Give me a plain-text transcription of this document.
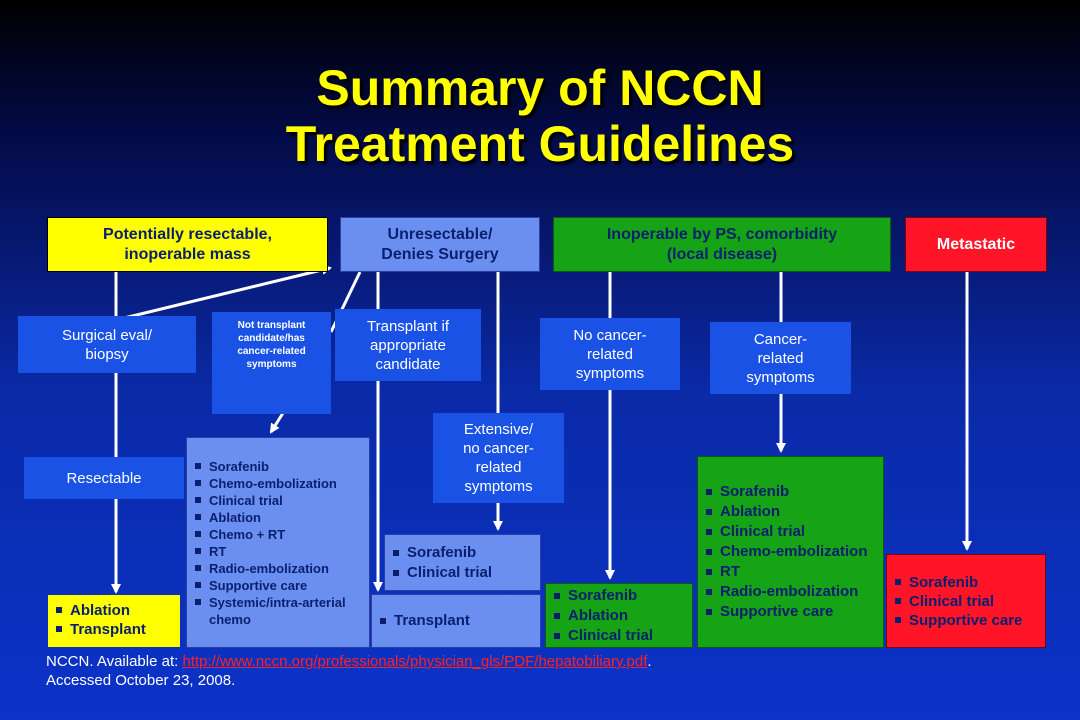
Summary of NCCN
Treatment Guidelines
Potentially resectable,
inoperable mass
Unresectable/
Denies Surgery
Inoperable by PS, comorbidity
(local disease)
Metastatic
Surgical eval/
biopsy
Resectable
Not transplant
candidate/has
cancer-related
symptoms
Transplant if
appropriate
candidate
Extensive/
no cancer-
related
symptoms
No cancer-
related
symptoms
Cancer-
related
symptoms
Ablation
Transplant
Sorafenib
Chemo-embolization
Clinical trial
Ablation
Chemo + RT
RT
Radio-embolization
Supportive care
Systemic/intra-arterial chemo
Sorafenib
Clinical trial
Transplant
Sorafenib
Ablation
Clinical trial
Sorafenib
Ablation
Clinical trial
Chemo-embolization
RT
Radio-embolization
Supportive care
Sorafenib
Clinical trial
Supportive care
NCCN. Available at: http://www.nccn.org/professionals/physician_gls/PDF/hepatobiliary.pdf.
Accessed October 23, 2008.
